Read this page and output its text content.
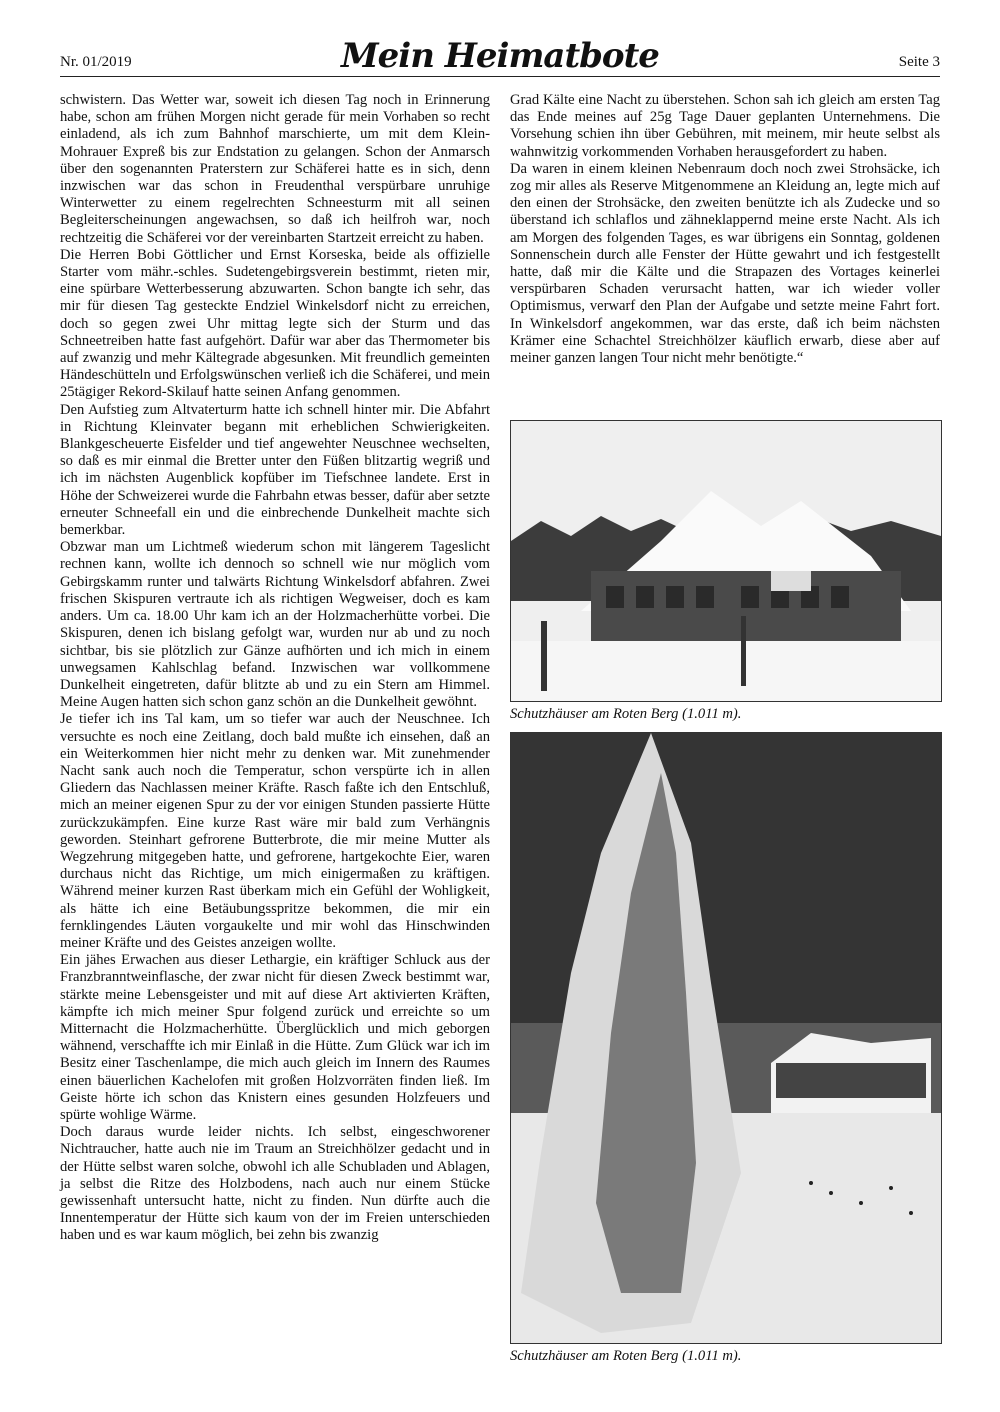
Nr. 01/2019	Mein Heimatbote	Seite 3

schwistern. Das Wetter war, soweit ich diesen Tag noch in Erinnerung habe, schon am frühen Morgen nicht gerade für mein Vorhaben so recht einladend, als ich zum Bahnhof marschierte, um mit dem Klein-Mohrauer Expreß bis zur Endstation zu gelangen. Schon der Anmarsch über den sogenannten Praterstern zur Schäferei hatte es in sich, denn inzwischen war das schon in Freudenthal verspürbare unruhige Winterwetter zu einem regelrechten Schneesturm mit all seinen Begleiterscheinungen angewachsen, so daß ich heilfroh war, noch rechtzeitig die Schäferei vor der vereinbarten Startzeit erreicht zu haben.

Die Herren Bobi Göttlicher und Ernst Korseska, beide als offizielle Starter vom mähr.-schles. Sudetengebirgsverein bestimmt, rieten mir, eine spürbare Wetterbesserung abzuwarten. Schon bangte ich sehr, das mir für diesen Tag gesteckte Endziel Winkelsdorf nicht zu erreichen, doch so gegen zwei Uhr mittag legte sich der Sturm und das Schneetreiben hatte fast aufgehört. Dafür war aber das Thermometer bis auf zwanzig und mehr Kältegrade abgesunken. Mit freundlich gemeinten Händeschütteln und Erfolgswünschen verließ ich die Schäferei, und mein 25tägiger Rekord-Skilauf hatte seinen Anfang genommen.

Den Aufstieg zum Altvaterturm hatte ich schnell hinter mir. Die Abfahrt in Richtung Kleinvater begann mit erheblichen Schwierigkeiten. Blankgescheuerte Eisfelder und tief angewehter Neuschnee wechselten, so daß es mir einmal die Bretter unter den Füßen blitzartig wegriß und ich im nächsten Augenblick kopfüber im Tiefschnee landete. Erst in Höhe der Schweizerei wurde die Fahrbahn etwas besser, dafür aber setzte erneuter Schneefall ein und die einbrechende Dunkelheit machte sich bemerkbar.

Obzwar man um Lichtmeß wiederum schon mit längerem Tageslicht rechnen kann, wollte ich dennoch so schnell wie nur möglich vom Gebirgskamm runter und talwärts Richtung Winkelsdorf abfahren. Zwei frischen Skispuren vertraute ich als richtigen Wegweiser, doch es kam anders. Um ca. 18.00 Uhr kam ich an der Holzmacherhütte vorbei. Die Skispuren, denen ich bislang gefolgt war, wurden nur ab und zu noch sichtbar, bis sie plötzlich zur Gänze aufhörten und ich mich in einem unwegsamen Kahlschlag befand. Inzwischen war vollkommene Dunkelheit eingetreten, dafür blitzte ab und zu ein Stern am Himmel. Meine Augen hatten sich schon ganz schön an die Dunkelheit gewöhnt.

Je tiefer ich ins Tal kam, um so tiefer war auch der Neuschnee. Ich versuchte es noch eine Zeitlang, doch bald mußte ich einsehen, daß an ein Weiterkommen hier nicht mehr zu denken war. Mit zunehmender Nacht sank auch noch die Temperatur, schon verspürte ich in allen Gliedern das Nachlassen meiner Kräfte. Rasch faßte ich den Entschluß, mich an meiner eigenen Spur zu der vor einigen Stunden passierte Hütte zurückzukämpfen. Eine kurze Rast wäre mir bald zum Verhängnis geworden. Steinhart gefrorene Butterbrote, die mir meine Mutter als Wegzehrung mitgegeben hatte, und gefrorene, hartgekochte Eier, waren durchaus nicht das Richtige, um mich einigermaßen zu kräftigen. Während meiner kurzen Rast überkam mich ein Gefühl der Wohligkeit, als hätte ich eine Betäubungsspritze bekommen, die mir ein fernklingendes Läuten vorgaukelte und mir wohl das Hinschwinden meiner Kräfte und des Geistes anzeigen wollte.

Ein jähes Erwachen aus dieser Lethargie, ein kräftiger Schluck aus der Franzbranntweinflasche, der zwar nicht für diesen Zweck bestimmt war, stärkte meine Lebensgeister und mit auf diese Art aktivierten Kräften, kämpfte ich mich meiner Spur folgend zurück und erreichte so um Mitternacht die Holzmacherhütte. Überglücklich und mich geborgen wähnend, verschaffte ich mir Einlaß in die Hütte. Zum Glück war ich im Besitz einer Taschenlampe, die mich auch gleich im Innern des Raumes einen bäuerlichen Kachelofen mit großen Holzvorräten finden ließ. Im Geiste hörte ich schon das Knistern eines gesunden Holzfeuers und spürte wohlige Wärme.

Doch daraus wurde leider nichts. Ich selbst, eingeschworener Nichtraucher, hatte auch nie im Traum an Streichhölzer gedacht und in der Hütte selbst waren solche, obwohl ich alle Schubladen und Ablagen, ja selbst die Ritze des Holzbodens, nach auch nur einem Stücke gewissenhaft untersucht hatte, nicht zu finden. Nun dürfte auch die Innentemperatur der Hütte sich kaum von der im Freien unterschieden haben und es war kaum möglich, bei zehn bis zwanzig

Grad Kälte eine Nacht zu überstehen. Schon sah ich gleich am ersten Tag das Ende meines auf 25g Tage Dauer geplanten Unternehmens. Die Vorsehung schien ihn über Gebühren, mit meinem, mir heute selbst als wahnwitzig vorkommenden Vorhaben herausgefordert zu haben.

Da waren in einem kleinen Nebenraum doch noch zwei Strohsäcke, ich zog mir alles als Reserve Mitgenommene an Kleidung an, legte mich auf den einen der Strohsäcke, den zweiten benützte ich als Zudecke und so überstand ich schlaflos und zähneklappernd meine erste Nacht. Als ich am Morgen des folgenden Tages, es war übrigens ein Sonntag, goldenen Sonnenschein durch alle Fenster der Hütte gewahrt und ich festgestellt hatte, daß mir die Kälte und die Strapazen des Vortages keinerlei verspürbaren Schaden verursacht hatten, war ich wieder voller Optimismus, verwarf den Plan der Aufgabe und setzte meine Fahrt fort. In Winkelsdorf angekommen, war das erste, daß ich beim nächsten Krämer eine Schachtel Streichhölzer käuflich erwarb, diese aber auf meiner ganzen langen Tour nicht mehr benötigte.“

Schutzhäuser am Roten Berg (1.011 m).
Schutzhäuser am Roten Berg (1.011 m).
